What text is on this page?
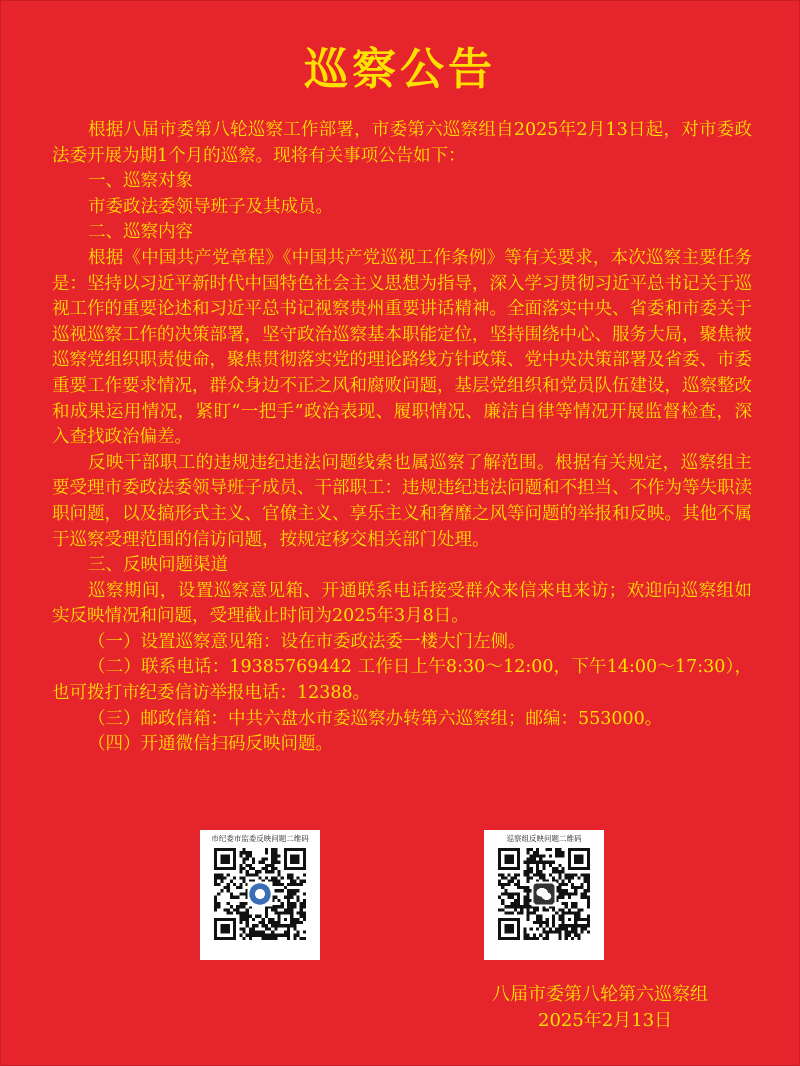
巡察公告

根据八届市委第八轮巡察工作部署，市委第六巡察组自2025年2月13日起，对市委政法委开展为期1个月的巡察。现将有关事项公告如下：

一、巡察对象

市委政法委领导班子及其成员。

二、巡察内容

根据《中国共产党章程》《中国共产党巡视工作条例》等有关要求，本次巡察主要任务是：坚持以习近平新时代中国特色社会主义思想为指导，深入学习贯彻习近平总书记关于巡视工作的重要论述和习近平总书记视察贵州重要讲话精神。全面落实中央、省委和市委关于巡视巡察工作的决策部署，坚守政治巡察基本职能定位，坚持围绕中心、服务大局，聚焦被巡察党组织职责使命，聚焦贯彻落实党的理论路线方针政策、党中央决策部署及省委、市委重要工作要求情况，群众身边不正之风和腐败问题，基层党组织和党员队伍建设，巡察整改和成果运用情况，紧盯“一把手”政治表现、履职情况、廉洁自律等情况开展监督检查，深入查找政治偏差。

反映干部职工的违规违纪违法问题线索也属巡察了解范围。根据有关规定，巡察组主要受理市委政法委领导班子成员、干部职工：违规违纪违法问题和不担当、不作为等失职渎职问题，以及搞形式主义、官僚主义、享乐主义和奢靡之风等问题的举报和反映。其他不属于巡察受理范围的信访问题，按规定移交相关部门处理。

三、反映问题渠道

巡察期间，设置巡察意见箱、开通联系电话接受群众来信来电来访；欢迎向巡察组如实反映情况和问题，受理截止时间为2025年3月8日。

（一）设置巡察意见箱：设在市委政法委一楼大门左侧。

（二）联系电话：19385769442 工作日上午8:30～12:00，下午14:00～17:30），也可拨打市纪委信访举报电话：12388。

（三）邮政信箱：中共六盘水市委巡察办转第六巡察组；邮编：553000。

（四）开通微信扫码反映问题。

市纪委市监委反映问题二维码	巡察组反映问题二维码
八届市委第八轮第六巡察组
2025年2月13日
